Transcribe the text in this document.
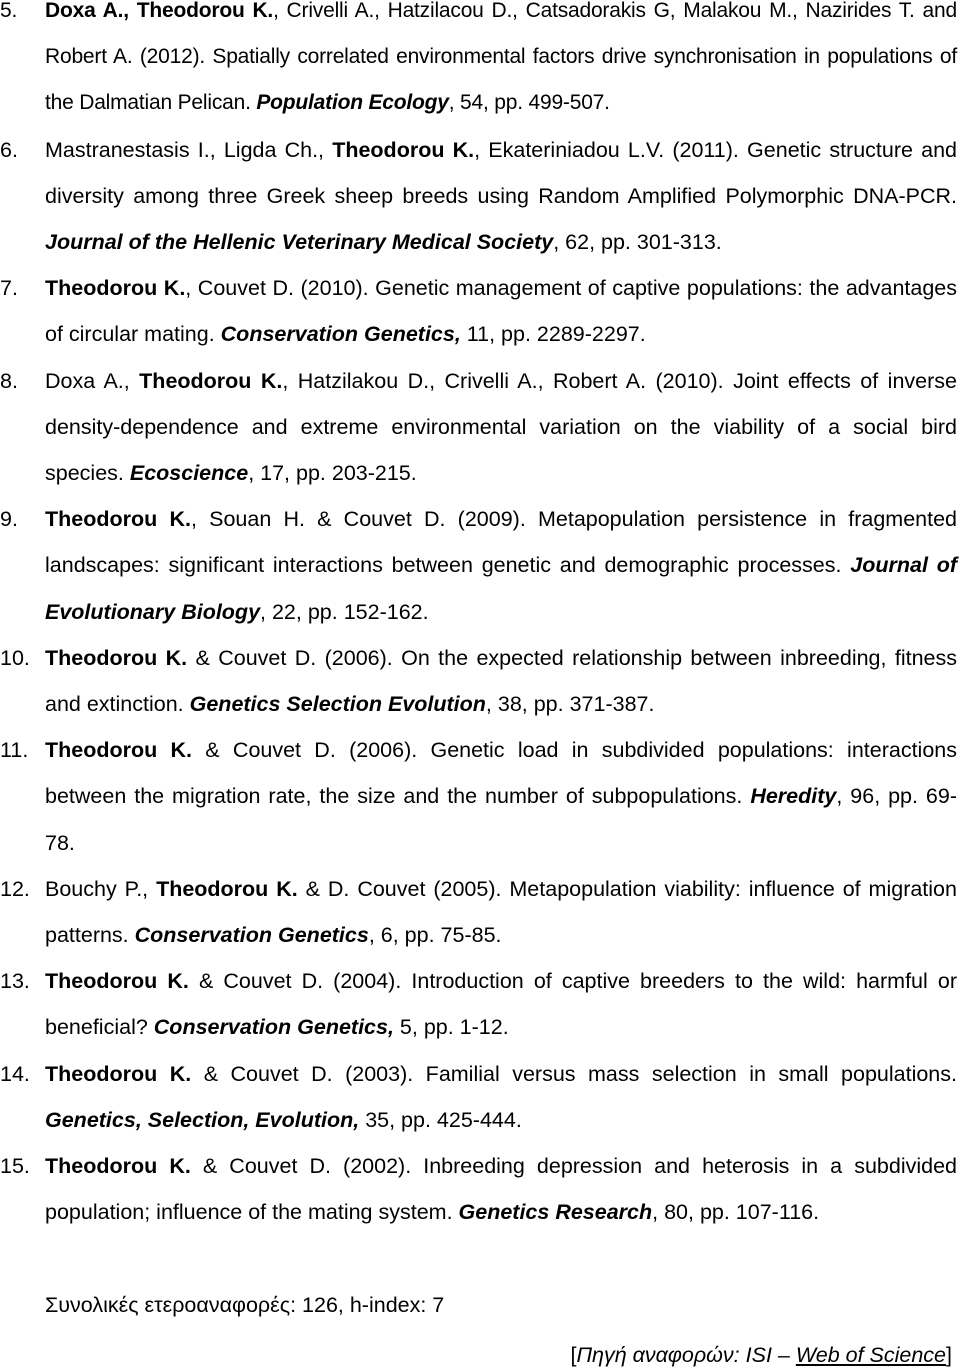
5.	Doxa A., Theodorou K., Crivelli A., Hatzilacou D., Catsadorakis G, Malakou M., Nazirides T. and Robert A. (2012). Spatially correlated environmental factors drive synchronisation in populations of the Dalmatian Pelican. Population Ecology, 54, pp. 499-507.
6.	Mastranestasis I., Ligda Ch., Theodorou K., Ekateriniadou L.V. (2011). Genetic structure and diversity among three Greek sheep breeds using Random Amplified Polymorphic DNA-PCR. Journal of the Hellenic Veterinary Medical Society, 62, pp. 301-313.
7.	Theodorou K., Couvet D. (2010). Genetic management of captive populations: the advantages of circular mating. Conservation Genetics, 11, pp. 2289-2297.
8.	Doxa A., Theodorou K., Hatzilakou D., Crivelli A., Robert A. (2010). Joint effects of inverse density-dependence and extreme environmental variation on the viability of a social bird species. Ecoscience, 17, pp. 203-215.
9.	Theodorou K., Souan H. & Couvet D. (2009). Metapopulation persistence in fragmented landscapes: significant interactions between genetic and demographic processes. Journal of Evolutionary Biology, 22, pp. 152-162.
10. Theodorou K. & Couvet D. (2006). On the expected relationship between inbreeding, fitness and extinction. Genetics Selection Evolution, 38, pp. 371-387.
11. Theodorou K. & Couvet D. (2006). Genetic load in subdivided populations: interactions between the migration rate, the size and the number of subpopulations. Heredity, 96, pp. 69-78.
12. Bouchy P., Theodorou K. & D. Couvet (2005). Metapopulation viability: influence of migration patterns. Conservation Genetics, 6, pp. 75-85.
13. Theodorou K. & Couvet D. (2004). Introduction of captive breeders to the wild: harmful or beneficial? Conservation Genetics, 5, pp. 1-12.
14. Theodorou K. & Couvet D. (2003). Familial versus mass selection in small populations. Genetics, Selection, Evolution, 35, pp. 425-444.
15. Theodorou K. & Couvet D. (2002). Inbreeding depression and heterosis in a subdivided population; influence of the mating system. Genetics Research, 80, pp. 107-116.
Συνολικές ετεροαναφορές: 126, h-index: 7
[Πηγή αναφορών: ISI – Web of Science]
